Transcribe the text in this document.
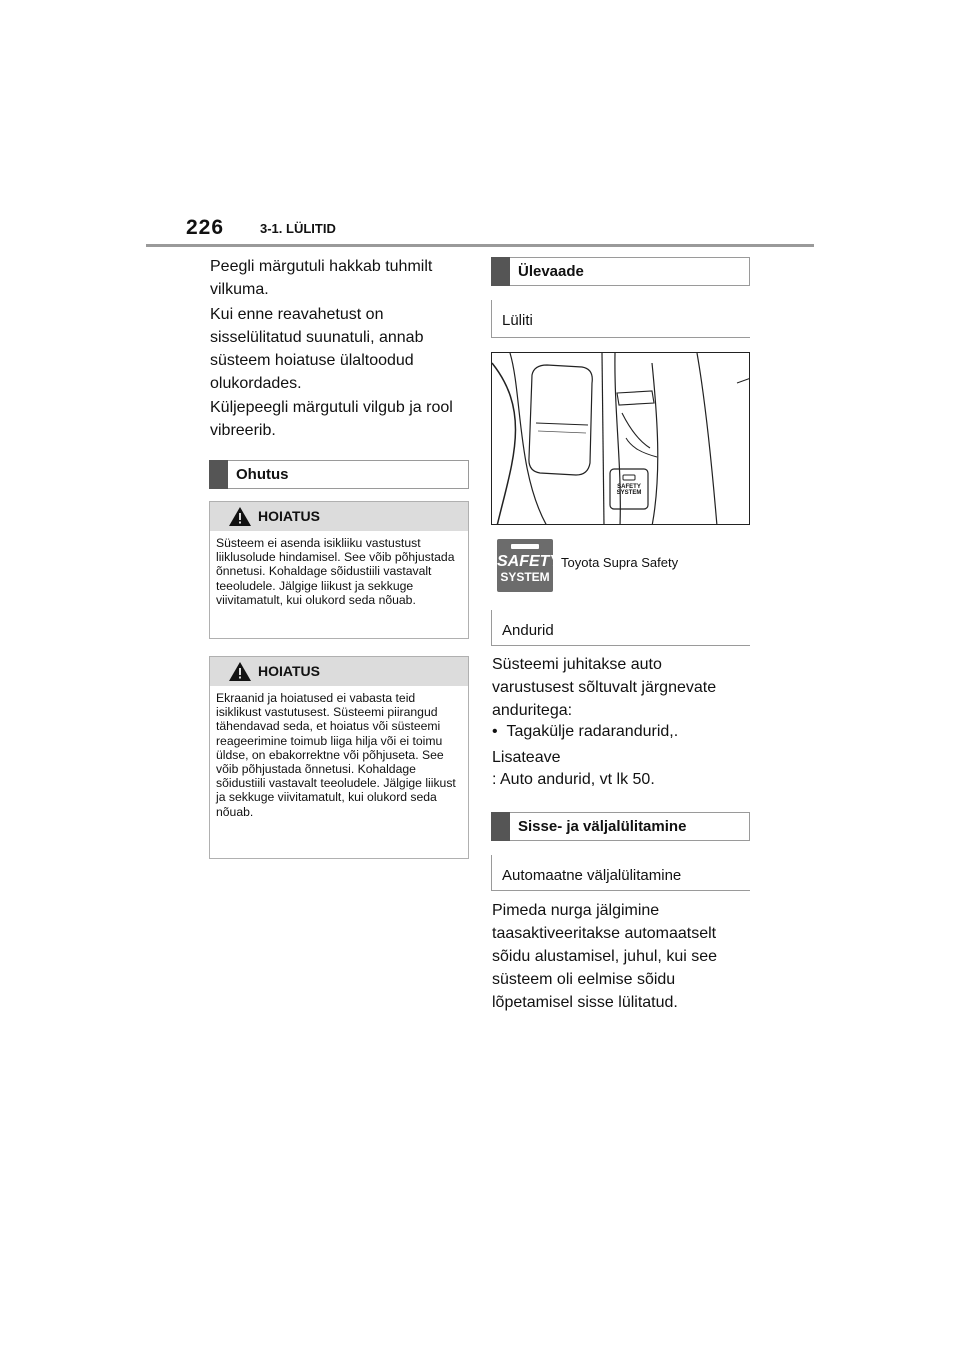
226	3-1. LÜLITID
Peegli märgutuli hakkab tuhmilt vilkuma.
Kui enne reavahetust on sisselülitatud suunatuli, annab süsteem hoiatuse ülaltoodud olukordades.
Küljepeegli märgutuli vilgub ja rool vibreerib.
Ohutus
HOIATUS
Süsteem ei asenda isikliiku vastustust liiklusolude hindamisel. See võib põhjustada õnnetusi. Kohaldage sõidustiili vastavalt teeoludele. Jälgige liikust ja sekkuge viivitamatult, kui olukord seda nõuab.
HOIATUS
Ekraanid ja hoiatused ei vabasta teid isiklikust vastutusest. Süsteemi piirangud tähendavad seda, et hoiatus või süsteemi reageerimine toimub liiga hilja või ei toimu üldse, on ebakorrektne või põhjuseta. See võib põhjustada õnnetusi. Kohaldage sõidustiili vastavalt teeoludele. Jälgige liikust ja sekkuge viivitamatult, kui olukord seda nõuab.
Ülevaade
Lüliti
SAFETY SYSTEM
SAFETY
SYSTEM
Toyota Supra Safety
Andurid
Süsteemi juhitakse auto varustusest sõltuvalt järgnevate anduritega:
•  Tagakülje radarandurid,.
Lisateave
: Auto andurid, vt lk 50.
Sisse- ja väljalülitamine
Automaatne väljalülitamine
Pimeda nurga jälgimine taasaktiveeritakse automaatselt sõidu alustamisel, juhul, kui see süsteem oli eelmise sõidu lõpetamisel sisse lülitatud.
